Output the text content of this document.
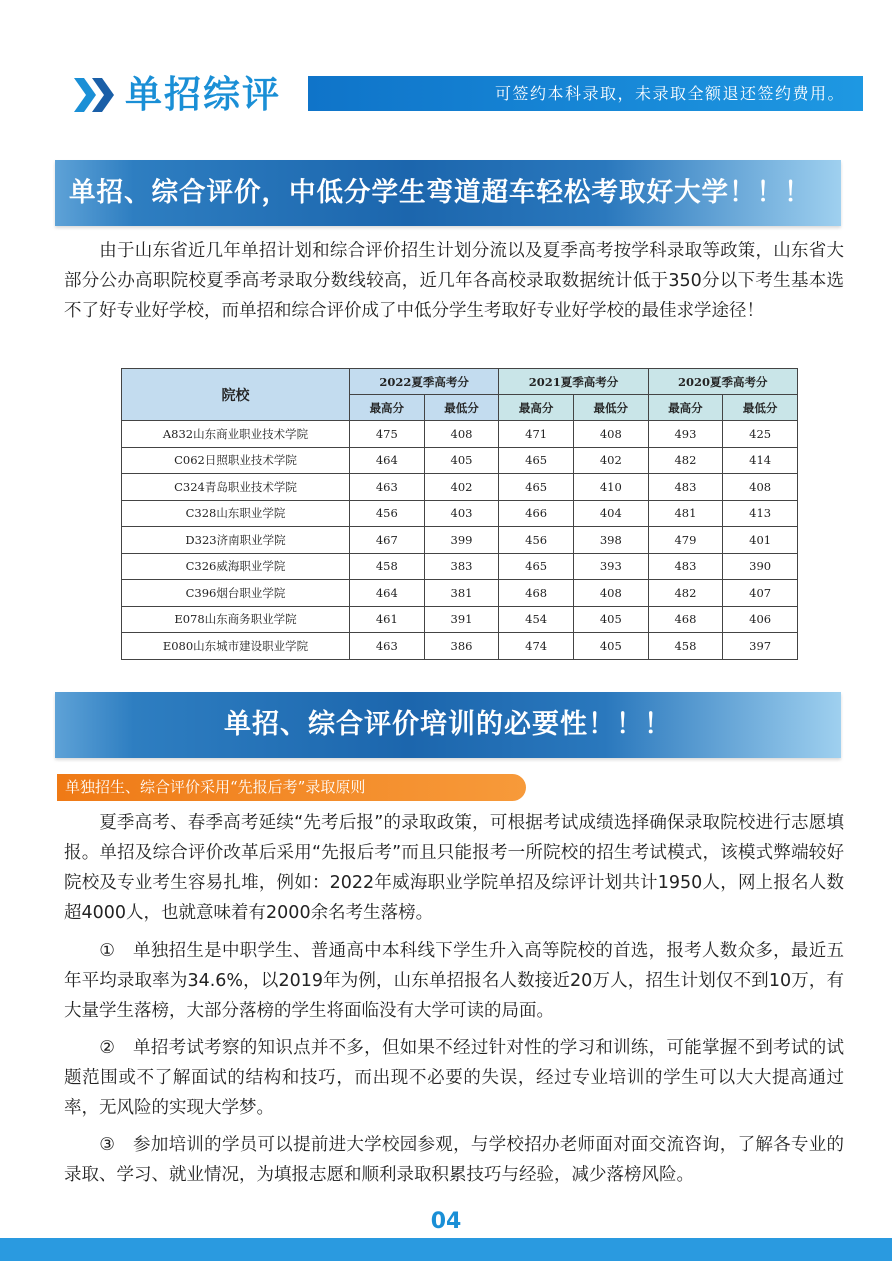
单招综评	可签约本科录取，未录取全额退还签约费用。
单招、综合评价，中低分学生弯道超车轻松考取好大学！！！
由于山东省近几年单招计划和综合评价招生计划分流以及夏季高考按学科录取等政策，山东省大部分公办高职院校夏季高考录取分数线较高，近几年各高校录取数据统计低于350分以下考生基本选不了好专业好学校，而单招和综合评价成了中低分学生考取好专业好学校的最佳求学途径！
院校	2022夏季高考分		2021夏季高考分		2020夏季高考分	
	最高分	最低分	最高分	最低分	最高分	最低分
A832山东商业职业技术学院	475	408	471	408	493	425
C062日照职业技术学院	464	405	465	402	482	414
C324青岛职业技术学院	463	402	465	410	483	408
C328山东职业学院	456	403	466	404	481	413
D323济南职业学院	467	399	456	398	479	401
C326威海职业学院	458	383	465	393	483	390
C396烟台职业学院	464	381	468	408	482	407
E078山东商务职业学院	461	391	454	405	468	406
E080山东城市建设职业学院	463	386	474	405	458	397
单招、综合评价培训的必要性！！！
单独招生、综合评价采用“先报后考”录取原则
夏季高考、春季高考延续“先考后报”的录取政策，可根据考试成绩选择确保录取院校进行志愿填报。单招及综合评价改革后采用“先报后考”而且只能报考一所院校的招生考试模式，该模式弊端较好院校及专业考生容易扎堆，例如：2022年威海职业学院单招及综评计划共计1950人，网上报名人数超4000人，也就意味着有2000余名考生落榜。
①　单独招生是中职学生、普通高中本科线下学生升入高等院校的首选，报考人数众多，最近五年平均录取率为34.6%，以2019年为例，山东单招报名人数接近20万人，招生计划仅不到10万，有大量学生落榜，大部分落榜的学生将面临没有大学可读的局面。
②　单招考试考察的知识点并不多，但如果不经过针对性的学习和训练，可能掌握不到考试的试题范围或不了解面试的结构和技巧，而出现不必要的失误，经过专业培训的学生可以大大提高通过率，无风险的实现大学梦。
③　参加培训的学员可以提前进大学校园参观，与学校招办老师面对面交流咨询，了解各专业的录取、学习、就业情况，为填报志愿和顺利录取积累技巧与经验，减少落榜风险。
04
